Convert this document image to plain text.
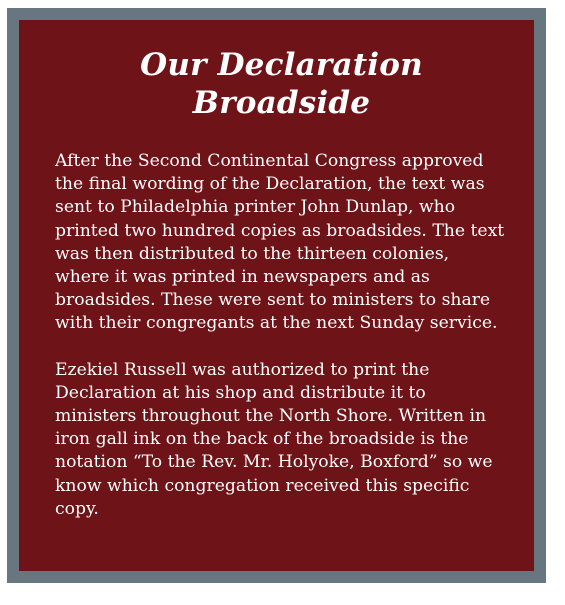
Our Declaration Broadside

After the Second Continental Congress approved the final wording of the Declaration, the text was sent to Philadelphia printer John Dunlap, who printed two hundred copies as broadsides. The text was then distributed to the thirteen colonies, where it was printed in newspapers and as broadsides. These were sent to ministers to share with their congregants at the next Sunday service.

Ezekiel Russell was authorized to print the Declaration at his shop and distribute it to ministers throughout the North Shore. Written in iron gall ink on the back of the broadside is the notation “To the Rev. Mr. Holyoke, Boxford” so we know which congregation received this specific copy.
